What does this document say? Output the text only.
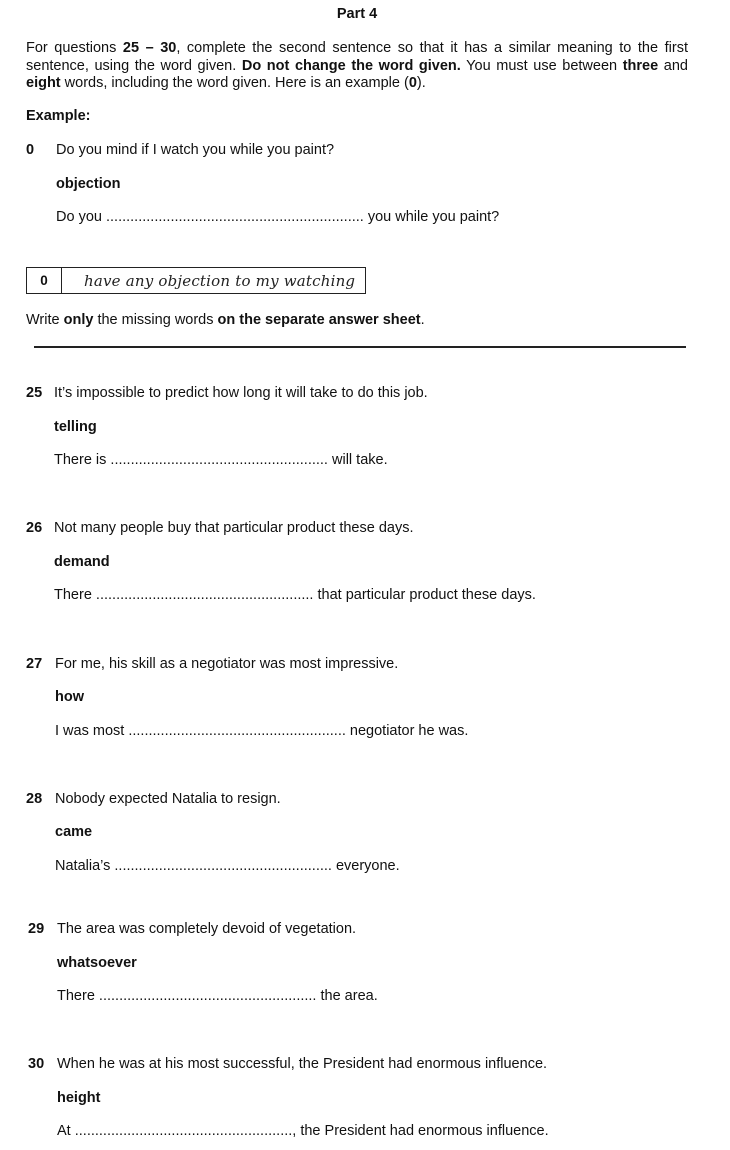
Part 4
For questions 25 – 30, complete the second sentence so that it has a similar meaning to the first sentence, using the word given. Do not change the word given. You must use between three and eight words, including the word given. Here is an example (0).
Example:
0 Do you mind if I watch you while you paint?
objection
Do you ................................................................ you while you paint?
0	have any objection to my watching
Write only the missing words on the separate answer sheet.
25 It’s impossible to predict how long it will take to do this job.
telling
There is ...................................................... will take.
26 Not many people buy that particular product these days.
demand
There ...................................................... that particular product these days.
27 For me, his skill as a negotiator was most impressive.
how
I was most ...................................................... negotiator he was.
28 Nobody expected Natalia to resign.
came
Natalia’s ...................................................... everyone.
29 The area was completely devoid of vegetation.
whatsoever
There ...................................................... the area.
30 When he was at his most successful, the President had enormous influence.
height
At ......................................................, the President had enormous influence.
